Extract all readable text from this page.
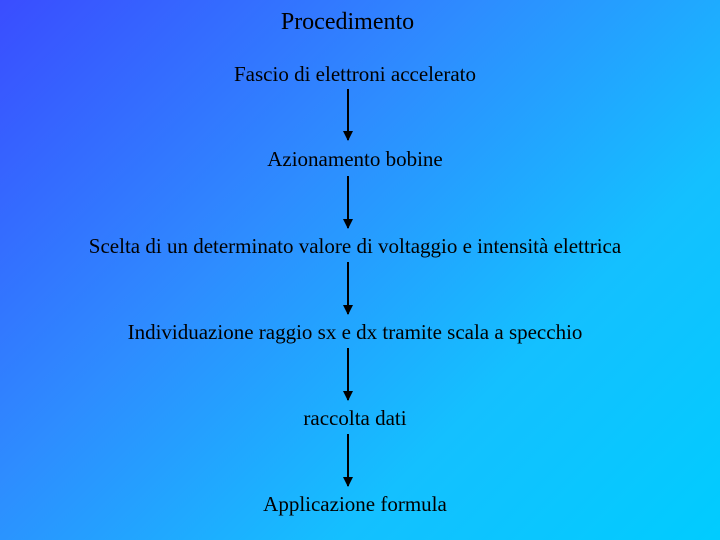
Procedimento
Fascio di elettroni accelerato
Azionamento bobine
Scelta di un determinato valore di voltaggio e intensità elettrica
Individuazione raggio sx e dx tramite scala a specchio
raccolta dati
Applicazione formula
